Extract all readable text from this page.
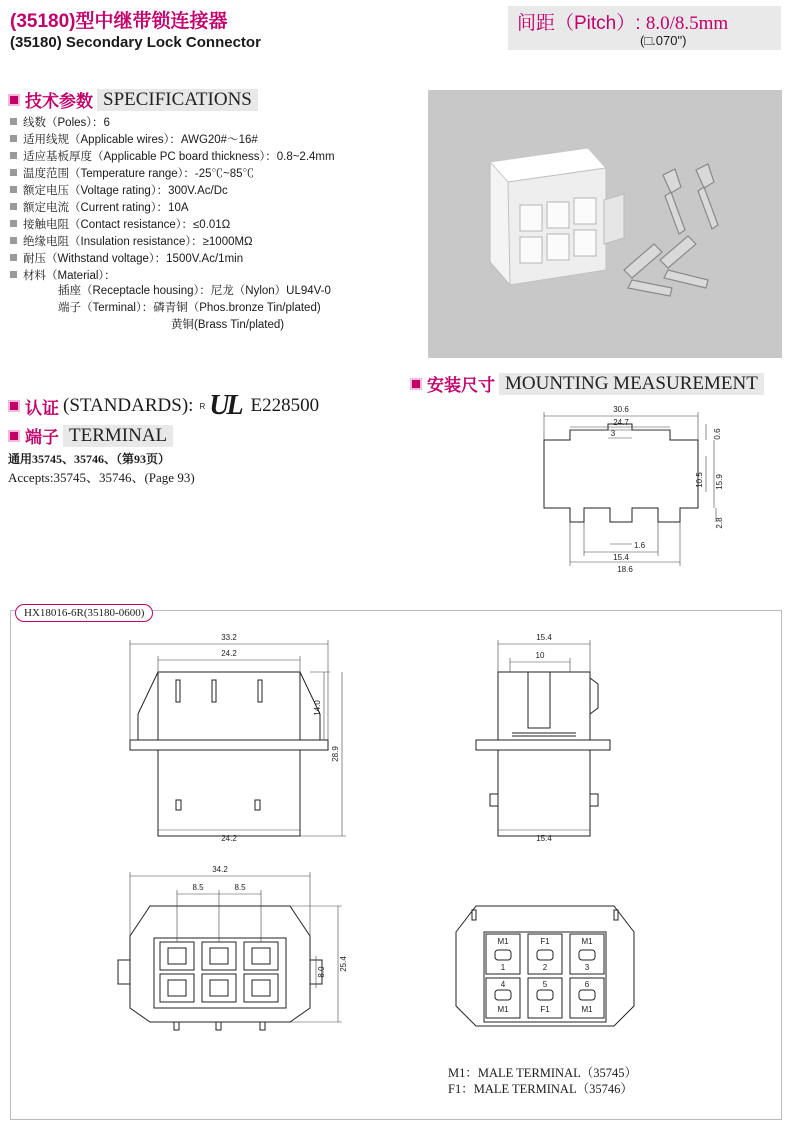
(35180)型中继带锁连接器
(35180) Secondary Lock Connector
间距（Pitch）: 8.0/8.5mm
(□.070")
技术参数 SPECIFICATIONS
线数（Poles）：6
适用线规（Applicable wires）：AWG20#～16#
适应基板厚度（Applicable PC board thickness）：0.8~2.4mm
温度范围（Temperature range）：-25℃~85℃
额定电压（Voltage rating）：300V.Ac/Dc
额定电流（Current rating）：10A
接触电阻（Contact resistance）：≤0.01Ω
绝缘电阻（Insulation resistance）：≥1000MΩ
耐压（Withstand voltage）：1500V.Ac/1min
材料（Material）：
插座（Receptacle housing）：尼龙（Nylon）UL94V-0
端子（Terminal）：磷青铜（Phos.bronze Tin/plated)
黄铜(Brass Tin/plated)
认证 (STANDARDS): R UL E228500
端子 TERMINAL
通用35745、35746、（第93页）
Accepts:35745、35746、(Page 93)
安装尺寸 MOUNTING MEASUREMENT
30.6
24.7
3	0.6
10.5 15.9
2.8
1.6
15.4
18.6
HX18016-6R(35180-0600)
33.2
24.2
14.0
28.9
24.2
15.4
10
15.4
34.2
8.5	8.5
8.0
25.4
M1	F1	M1
1	2	3
4	5	6
M1	F1	M1
M1：MALE TERMINAL（35745）
F1：MALE TERMINAL（35746）
